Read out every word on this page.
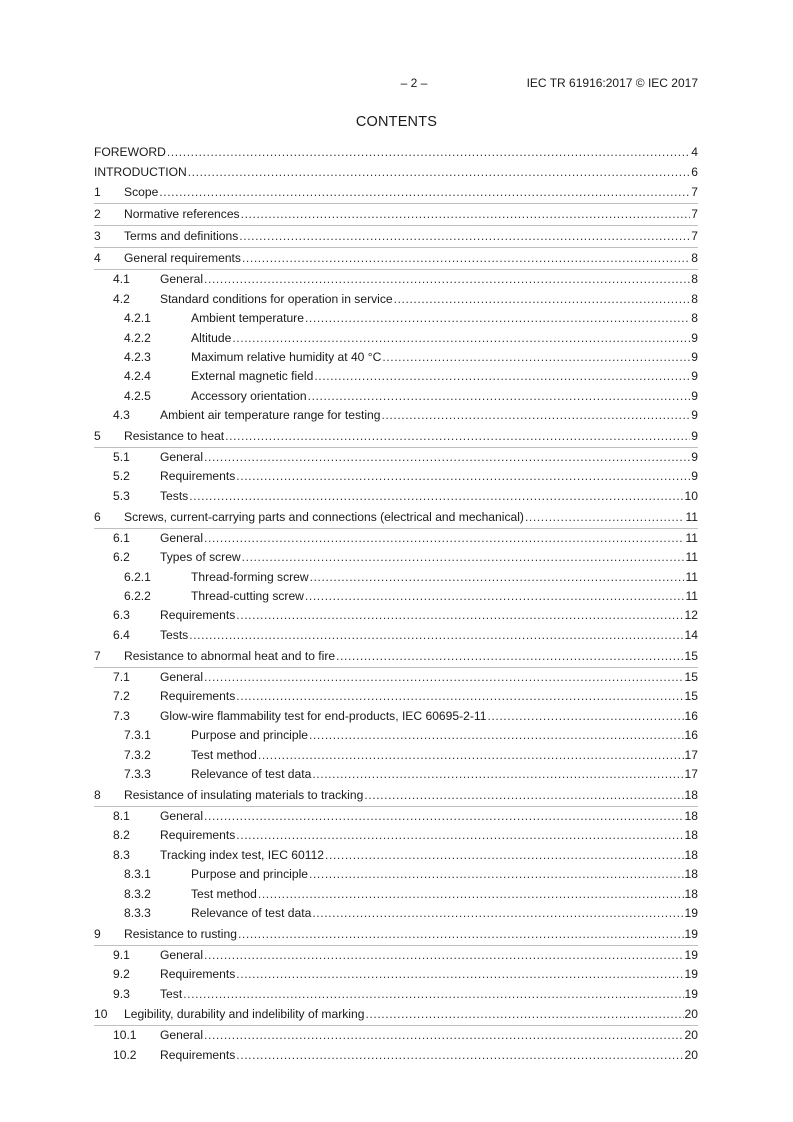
– 2 –	IEC TR 61916:2017 © IEC 2017
CONTENTS
FOREWORD .....	4
INTRODUCTION .....	6
1	Scope .....	7
2	Normative references .....	7
3	Terms and definitions .....	7
4	General requirements .....	8
4.1	General .....	8
4.2	Standard conditions for operation in service .....	8
4.2.1	Ambient temperature .....	8
4.2.2	Altitude .....	9
4.2.3	Maximum relative humidity at 40 °C .....	9
4.2.4	External magnetic field .....	9
4.2.5	Accessory orientation .....	9
4.3	Ambient air temperature range for testing .....	9
5	Resistance to heat .....	9
5.1	General .....	9
5.2	Requirements .....	9
5.3	Tests .....	10
6	Screws, current-carrying parts and connections (electrical and mechanical) .....	11
6.1	General .....	11
6.2	Types of screw .....	11
6.2.1	Thread-forming screw .....	11
6.2.2	Thread-cutting screw .....	11
6.3	Requirements .....	12
6.4	Tests .....	14
7	Resistance to abnormal heat and to fire .....	15
7.1	General .....	15
7.2	Requirements .....	15
7.3	Glow-wire flammability test for end-products, IEC 60695-2-11 .....	16
7.3.1	Purpose and principle .....	16
7.3.2	Test method .....	17
7.3.3	Relevance of test data .....	17
8	Resistance of insulating materials to tracking .....	18
8.1	General .....	18
8.2	Requirements .....	18
8.3	Tracking index test, IEC 60112 .....	18
8.3.1	Purpose and principle .....	18
8.3.2	Test method .....	18
8.3.3	Relevance of test data .....	19
9	Resistance to rusting .....	19
9.1	General .....	19
9.2	Requirements .....	19
9.3	Test .....	19
10	Legibility, durability and indelibility of marking .....	20
10.1	General .....	20
10.2	Requirements .....	20
